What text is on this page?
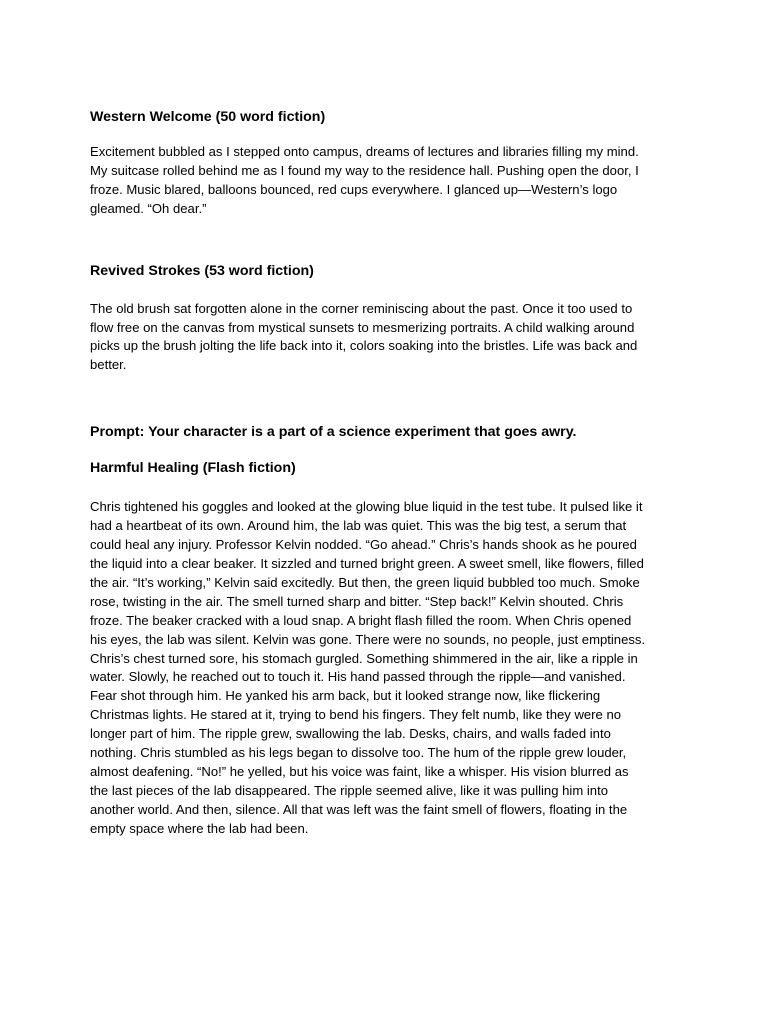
Western Welcome (50 word fiction)

Excitement bubbled as I stepped onto campus, dreams of lectures and libraries filling my mind.
My suitcase rolled behind me as I found my way to the residence hall. Pushing open the door, I
froze. Music blared, balloons bounced, red cups everywhere. I glanced up—Western’s logo
gleamed. “Oh dear.”

Revived Strokes (53 word fiction)

The old brush sat forgotten alone in the corner reminiscing about the past. Once it too used to
flow free on the canvas from mystical sunsets to mesmerizing portraits. A child walking around
picks up the brush jolting the life back into it, colors soaking into the bristles. Life was back and
better.

Prompt: Your character is a part of a science experiment that goes awry.
Harmful Healing (Flash fiction)

Chris tightened his goggles and looked at the glowing blue liquid in the test tube. It pulsed like it
had a heartbeat of its own. Around him, the lab was quiet. This was the big test, a serum that
could heal any injury. Professor Kelvin nodded. “Go ahead.” Chris’s hands shook as he poured
the liquid into a clear beaker. It sizzled and turned bright green. A sweet smell, like flowers, filled
the air. “It’s working,” Kelvin said excitedly. But then, the green liquid bubbled too much. Smoke
rose, twisting in the air. The smell turned sharp and bitter. “Step back!” Kelvin shouted. Chris
froze. The beaker cracked with a loud snap. A bright flash filled the room. When Chris opened
his eyes, the lab was silent. Kelvin was gone. There were no sounds, no people, just emptiness.
Chris’s chest turned sore, his stomach gurgled. Something shimmered in the air, like a ripple in
water. Slowly, he reached out to touch it. His hand passed through the ripple—and vanished.
Fear shot through him. He yanked his arm back, but it looked strange now, like flickering
Christmas lights. He stared at it, trying to bend his fingers. They felt numb, like they were no
longer part of him. The ripple grew, swallowing the lab. Desks, chairs, and walls faded into
nothing. Chris stumbled as his legs began to dissolve too. The hum of the ripple grew louder,
almost deafening. “No!” he yelled, but his voice was faint, like a whisper. His vision blurred as
the last pieces of the lab disappeared. The ripple seemed alive, like it was pulling him into
another world. And then, silence. All that was left was the faint smell of flowers, floating in the
empty space where the lab had been.
